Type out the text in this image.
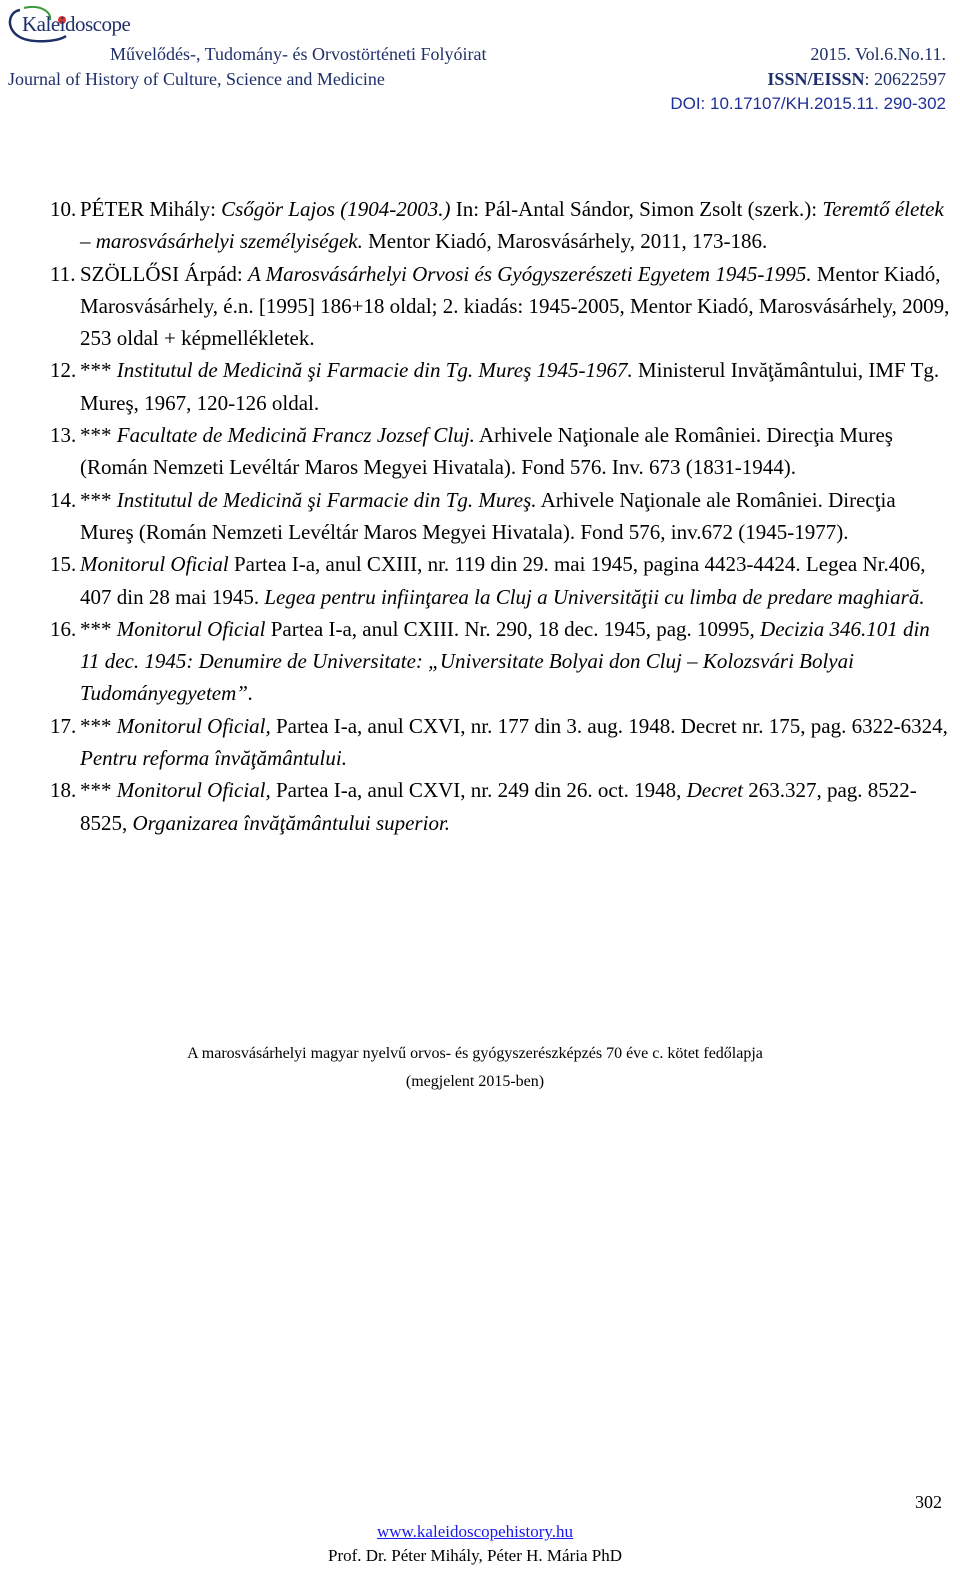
Kaleidoscope
Művelődés-, Tudomány- és Orvostörténeti Folyóirat
Journal of History of Culture, Science and Medicine
2015. Vol.6.No.11.
ISSN/EISSN: 20622597
DOI: 10.17107/KH.2015.11. 290-302
10. PÉTER Mihály: Csőgör Lajos (1904-2003.) In: Pál-Antal Sándor, Simon Zsolt (szerk.): Teremtő életek – marosvásárhelyi személyiségek. Mentor Kiadó, Marosvásárhely, 2011, 173-186.
11. SZÖLLŐSI Árpád: A Marosvásárhelyi Orvosi és Gyógyszerészeti Egyetem 1945-1995. Mentor Kiadó, Marosvásárhely, é.n. [1995] 186+18 oldal; 2. kiadás: 1945-2005, Mentor Kiadó, Marosvásárhely, 2009, 253 oldal + képmellékletek.
12. *** Institutul de Medicină şi Farmacie din Tg. Mureş 1945-1967. Ministerul Invăţământului, IMF Tg. Mureş, 1967, 120-126 oldal.
13. *** Facultate de Medicină Francz Jozsef Cluj. Arhivele Naţionale ale României. Direcţia Mureş (Román Nemzeti Levéltár Maros Megyei Hivatala). Fond 576. Inv. 673 (1831-1944).
14. *** Institutul de Medicină şi Farmacie din Tg. Mureş. Arhivele Naţionale ale României. Direcţia Mureş (Román Nemzeti Levéltár Maros Megyei Hivatala). Fond 576, inv.672 (1945-1977).
15. Monitorul Oficial Partea I-a, anul CXIII, nr. 119 din 29. mai 1945, pagina 4423-4424. Legea Nr.406, 407 din 28 mai 1945. Legea pentru infiinţarea la Cluj a Universităţii cu limba de predare maghiară.
16. *** Monitorul Oficial Partea I-a, anul CXIII. Nr. 290, 18 dec. 1945, pag. 10995, Decizia 346.101 din 11 dec. 1945: Denumire de Universitate: „Universitate Bolyai don Cluj – Kolozsvári Bolyai Tudományegyetem”.
17. *** Monitorul Oficial, Partea I-a, anul CXVI, nr. 177 din 3. aug. 1948. Decret nr. 175, pag. 6322-6324, Pentru reforma învăţământului.
18. *** Monitorul Oficial, Partea I-a, anul CXVI, nr. 249 din 26. oct. 1948, Decret 263.327, pag. 8522-8525, Organizarea învăţământului superior.
A marosvásárhelyi magyar nyelvű orvos- és gyógyszerészképzés 70 éve c. kötet fedőlapja
(megjelent 2015-ben)
302
www.kaleidoscopehistory.hu
Prof. Dr. Péter Mihály, Péter H. Mária PhD
